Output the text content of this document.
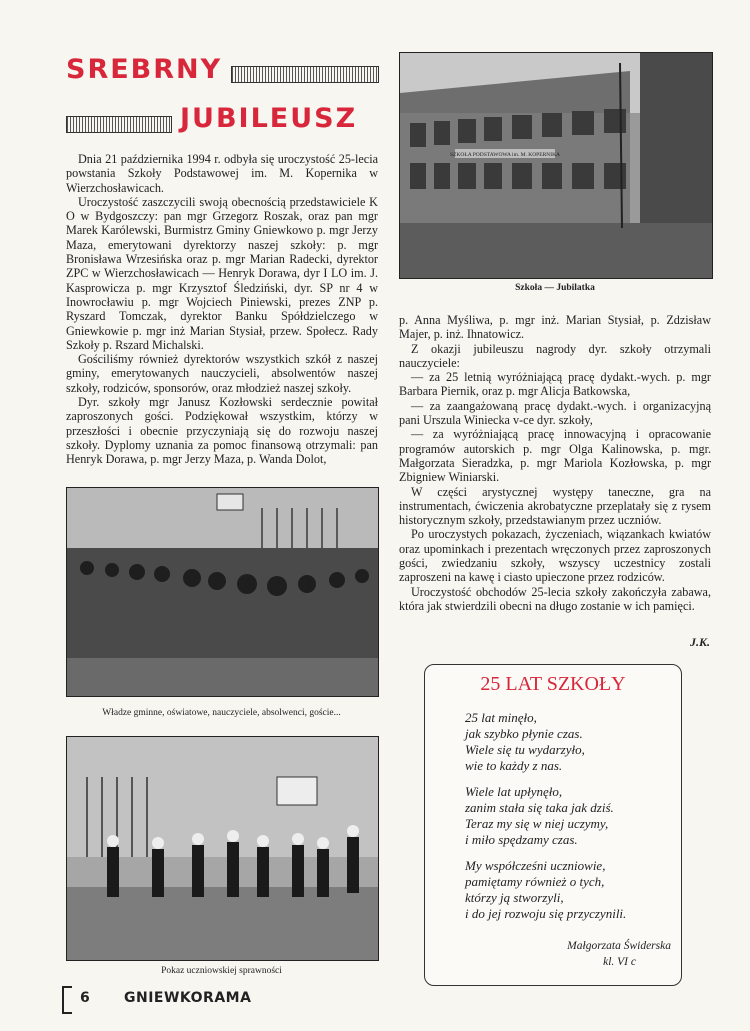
SREBRNY
JUBILEUSZ

Dnia 21 października 1994 r. odbyła się uroczystość 25-lecia powstania Szkoły Podstawowej im. M. Kopernika w Wierzchosławicach.

Uroczystość zaszczycili swoją obecnością przedstawiciele K O w Bydgoszczy: pan mgr Grzegorz Roszak, oraz pan mgr Marek Karólewski, Burmistrz Gminy Gniewkowo p. mgr Jerzy Maza, emerytowani dyrektorzy naszej szkoły: p. mgr Bronisława Wrzesińska oraz p. mgr Marian Radecki, dyrektor ZPC w Wierzchosławicach — Henryk Dorawa, dyr I LO im. J. Kasprowicza p. mgr Krzysztof Śledziński, dyr. SP nr 4 w Inowrocławiu p. mgr Wojciech Piniewski, prezes ZNP p. Ryszard Tomczak, dyrektor Banku Spółdzielczego w Gniewkowie p. mgr inż Marian Stysiał, przew. Społecz. Rady Szkoły p. Rszard Michalski.

Gościliśmy również dyrektorów wszystkich szkół z naszej gminy, emerytowanych nauczycieli, absolwentów naszej szkoły, rodziców, sponsorów, oraz młodzież naszej szkoły.

Dyr. szkoły mgr Janusz Kozłowski serdecznie powitał zaproszonych gości. Podziękował wszystkim, którzy w przeszłości i obecnie przyczyniają się do rozwoju naszej szkoły. Dyplomy uznania za pomoc finansową otrzymali: pan Henryk Dorawa, p. mgr Jerzy Maza, p. Wanda Dolot,

SZKOŁA PODSTAWOWA im. M. KOPERNIKA
Szkoła — Jubilatka

p. Anna Myśliwa, p. mgr inż. Marian Stysiał, p. Zdzisław Majer, p. inż. Ihnatowicz.

Z okazji jubileuszu nagrody dyr. szkoły otrzymali nauczyciele:

— za 25 letnią wyróżniającą pracę dydakt.-wych. p. mgr Barbara Piernik, oraz p. mgr Alicja Batkowska,

— za zaangażowaną pracę dydakt.-wych. i organizacyjną pani Urszula Winiecka v-ce dyr. szkoły,

— za wyróżniającą pracę innowacyjną i opracowanie programów autorskich p. mgr Olga Kalinowska, p. mgr. Małgorzata Sieradzka, p. mgr Mariola Kozłowska, p. mgr Zbigniew Winiarski.

W części arystycznej występy taneczne, gra na instrumentach, ćwiczenia akrobatyczne przeplatały się z rysem historycznym szkoły, przedstawianym przez uczniów.

Po uroczystych pokazach, życzeniach, wiązankach kwiatów oraz upominkach i prezentach wręczonych przez zaproszonych gości, zwiedzaniu szkoły, wszyscy uczestnicy zostali zaproszeni na kawę i ciasto upieczone przez rodziców.

Uroczystość obchodów 25-lecia szkoły zakończyła zabawa, która jak stwierdzili obecni na długo zostanie w ich pamięci.

J.K.
Władze gminne, oświatowe, nauczyciele, absolwenci, goście...
Pokaz uczniowskiej sprawności
25 LAT SZKOŁY

25 lat minęło,
jak szybko płynie czas.
Wiele się tu wydarzyło,
wie to każdy z nas.

Wiele lat upłynęło,
zanim stała się taka jak dziś.
Teraz my się w niej uczymy,
i miło spędzamy czas.

My współcześni uczniowie,
pamiętamy również o tych,
którzy ją stworzyli,
i do jej rozwoju się przyczynili.

Małgorzata Świderska
kl. VI c
6 GNIEWKORAMA
